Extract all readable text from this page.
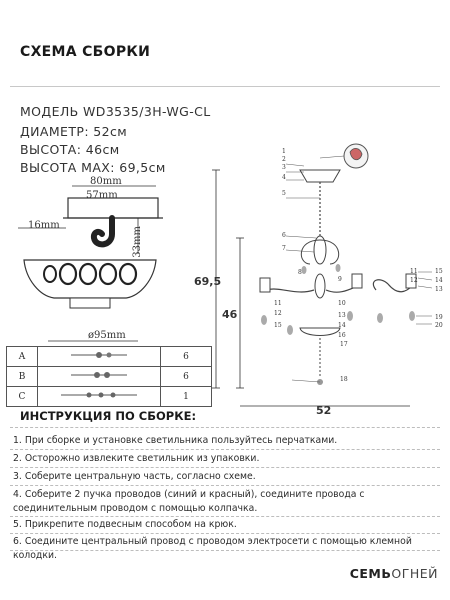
СХЕМА СБОРКИ
МОДЕЛЬ WD3535/3H-WG-CL
ДИАМЕТР: 52см
ВЫСОТА: 46см
ВЫСОТА MAX: 69,5см
80mm
57mm
16mm
33mm
ø95mm
A		6
B		6
C		1
1
2
3
4
5
6
7
8
9
10
11
12	13
14
15
16
17
18
15
14
13
19
20
11
12
69,5
46
52
ИНСТРУКЦИЯ ПО СБОРКЕ:
1. При сборке и установке светильника пользуйтесь перчатками.
2. Осторожно извлеките светильник из упаковки.
3. Соберите центральную часть, согласно схеме.
4. Соберите 2 пучка проводов (синий и красный), соедините провода с соединительным проводом с помощью колпачка.
5. Прикрепите подвесным способом на крюк.
6. Соедините центральный провод с проводом электросети с помощью клемной колодки.
СЕМЬОГНЕЙ
